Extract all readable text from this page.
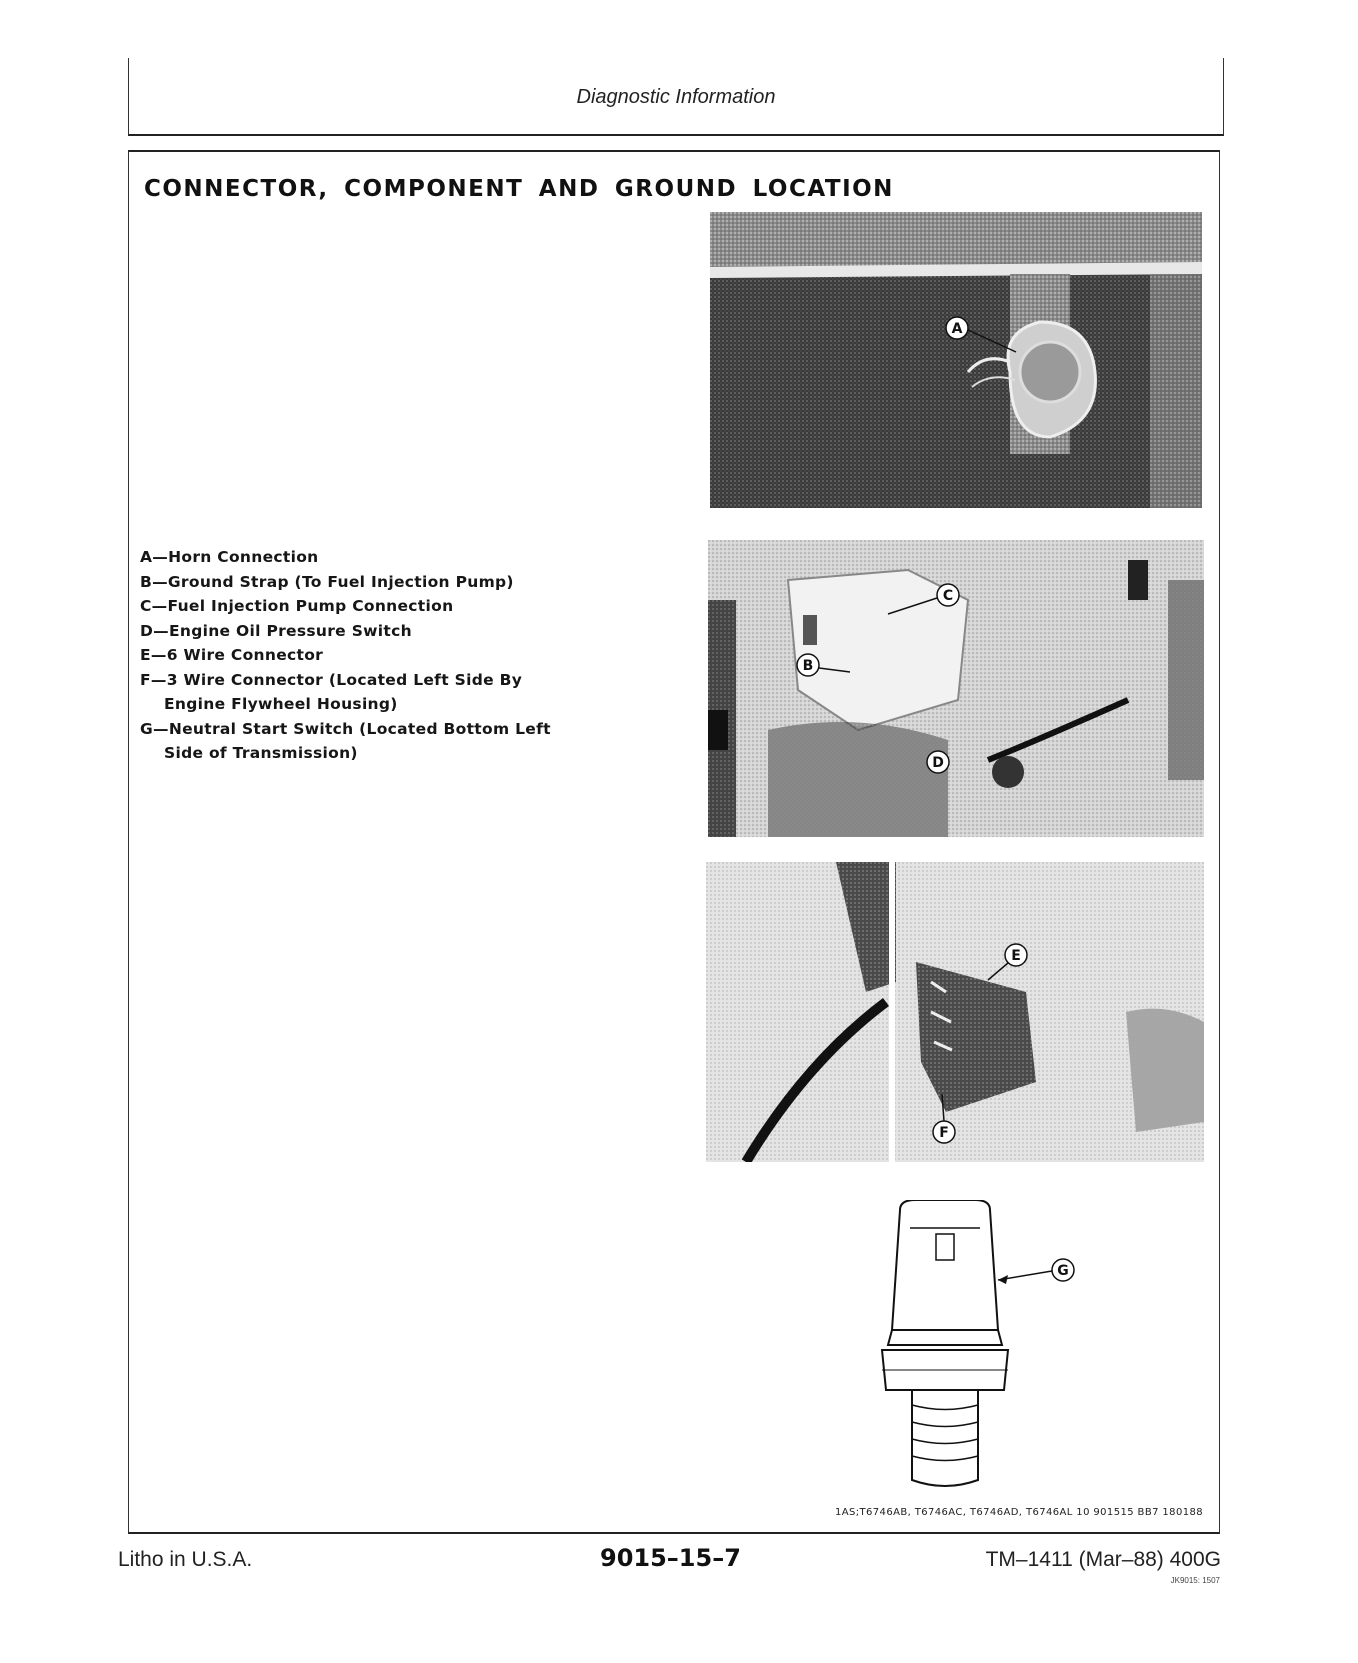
Diagnostic Information
CONNECTOR, COMPONENT AND GROUND LOCATION
A—Horn Connection
B—Ground Strap (To Fuel Injection Pump)
C—Fuel Injection Pump Connection
D—Engine Oil Pressure Switch
E—6 Wire Connector
F—3 Wire Connector (Located Left Side By
Engine Flywheel Housing)
G—Neutral Start Switch (Located Bottom Left
Side of Transmission)
A
C
B
D
E
F
G
1AS;T6746AB, T6746AC, T6746AD, T6746AL 10 901515 BB7 180188
Litho in U.S.A.	9015–15–7	TM–1411 (Mar–88) 400G
JK9015: 1507
